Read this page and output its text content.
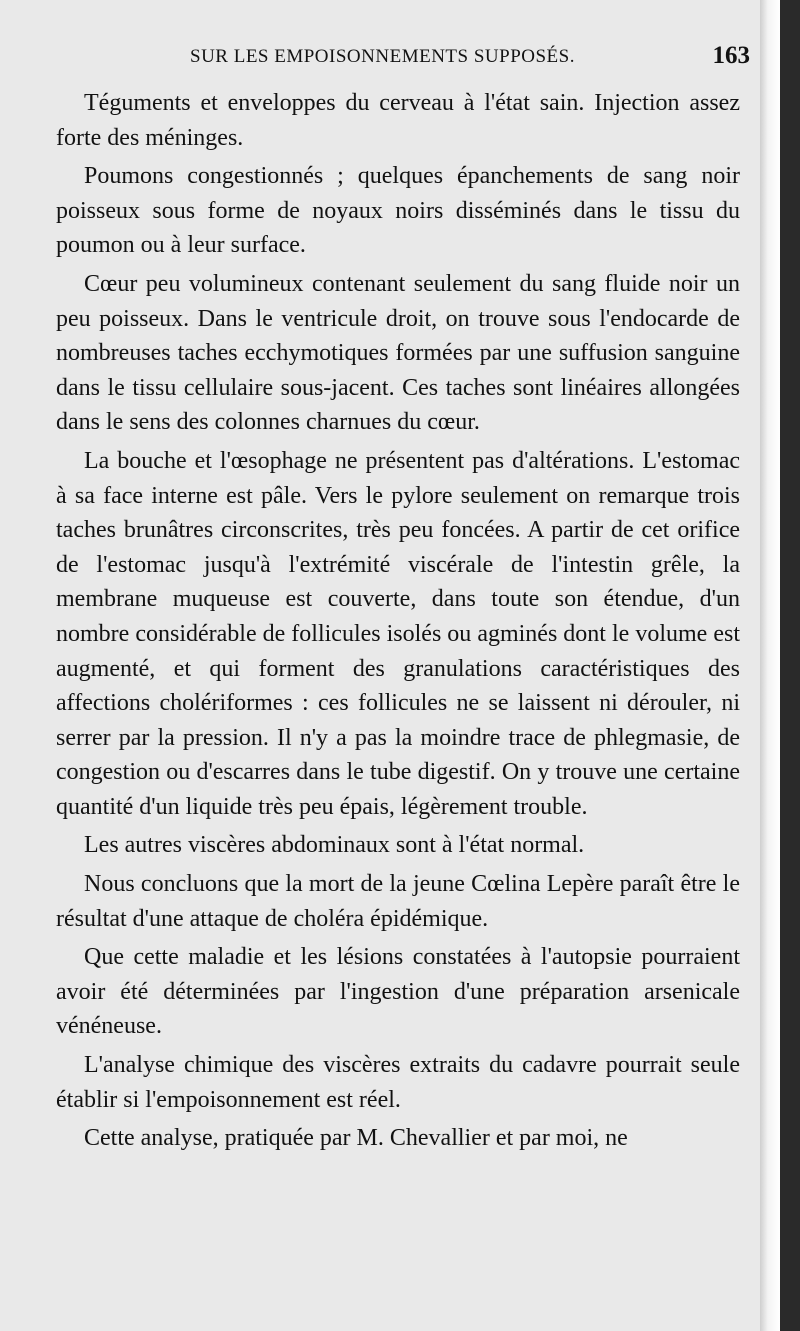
SUR LES EMPOISONNEMENTS SUPPOSÉS.	163

Téguments et enveloppes du cerveau à l'état sain. Injection assez forte des méninges.

Poumons congestionnés ; quelques épanchements de sang noir poisseux sous forme de noyaux noirs disséminés dans le tissu du poumon ou à leur surface.

Cœur peu volumineux contenant seulement du sang fluide noir un peu poisseux. Dans le ventricule droit, on trouve sous l'endocarde de nombreuses taches ecchymotiques formées par une suffusion sanguine dans le tissu cellulaire sous-jacent. Ces taches sont linéaires allongées dans le sens des colonnes charnues du cœur.

La bouche et l'œsophage ne présentent pas d'altérations. L'estomac à sa face interne est pâle. Vers le pylore seulement on remarque trois taches brunâtres circonscrites, très peu foncées. A partir de cet orifice de l'estomac jusqu'à l'extrémité viscérale de l'intestin grêle, la membrane muqueuse est couverte, dans toute son étendue, d'un nombre considérable de follicules isolés ou agminés dont le volume est augmenté, et qui forment des granulations caractéristiques des affections cholériformes : ces follicules ne se laissent ni dérouler, ni serrer par la pression. Il n'y a pas la moindre trace de phlegmasie, de congestion ou d'escarres dans le tube digestif. On y trouve une certaine quantité d'un liquide très peu épais, légèrement trouble.

Les autres viscères abdominaux sont à l'état normal.

Nous concluons que la mort de la jeune Cœlina Lepère paraît être le résultat d'une attaque de choléra épidémique.

Que cette maladie et les lésions constatées à l'autopsie pourraient avoir été déterminées par l'ingestion d'une préparation arsenicale vénéneuse.

L'analyse chimique des viscères extraits du cadavre pourrait seule établir si l'empoisonnement est réel.

Cette analyse, pratiquée par M. Chevallier et par moi, ne
